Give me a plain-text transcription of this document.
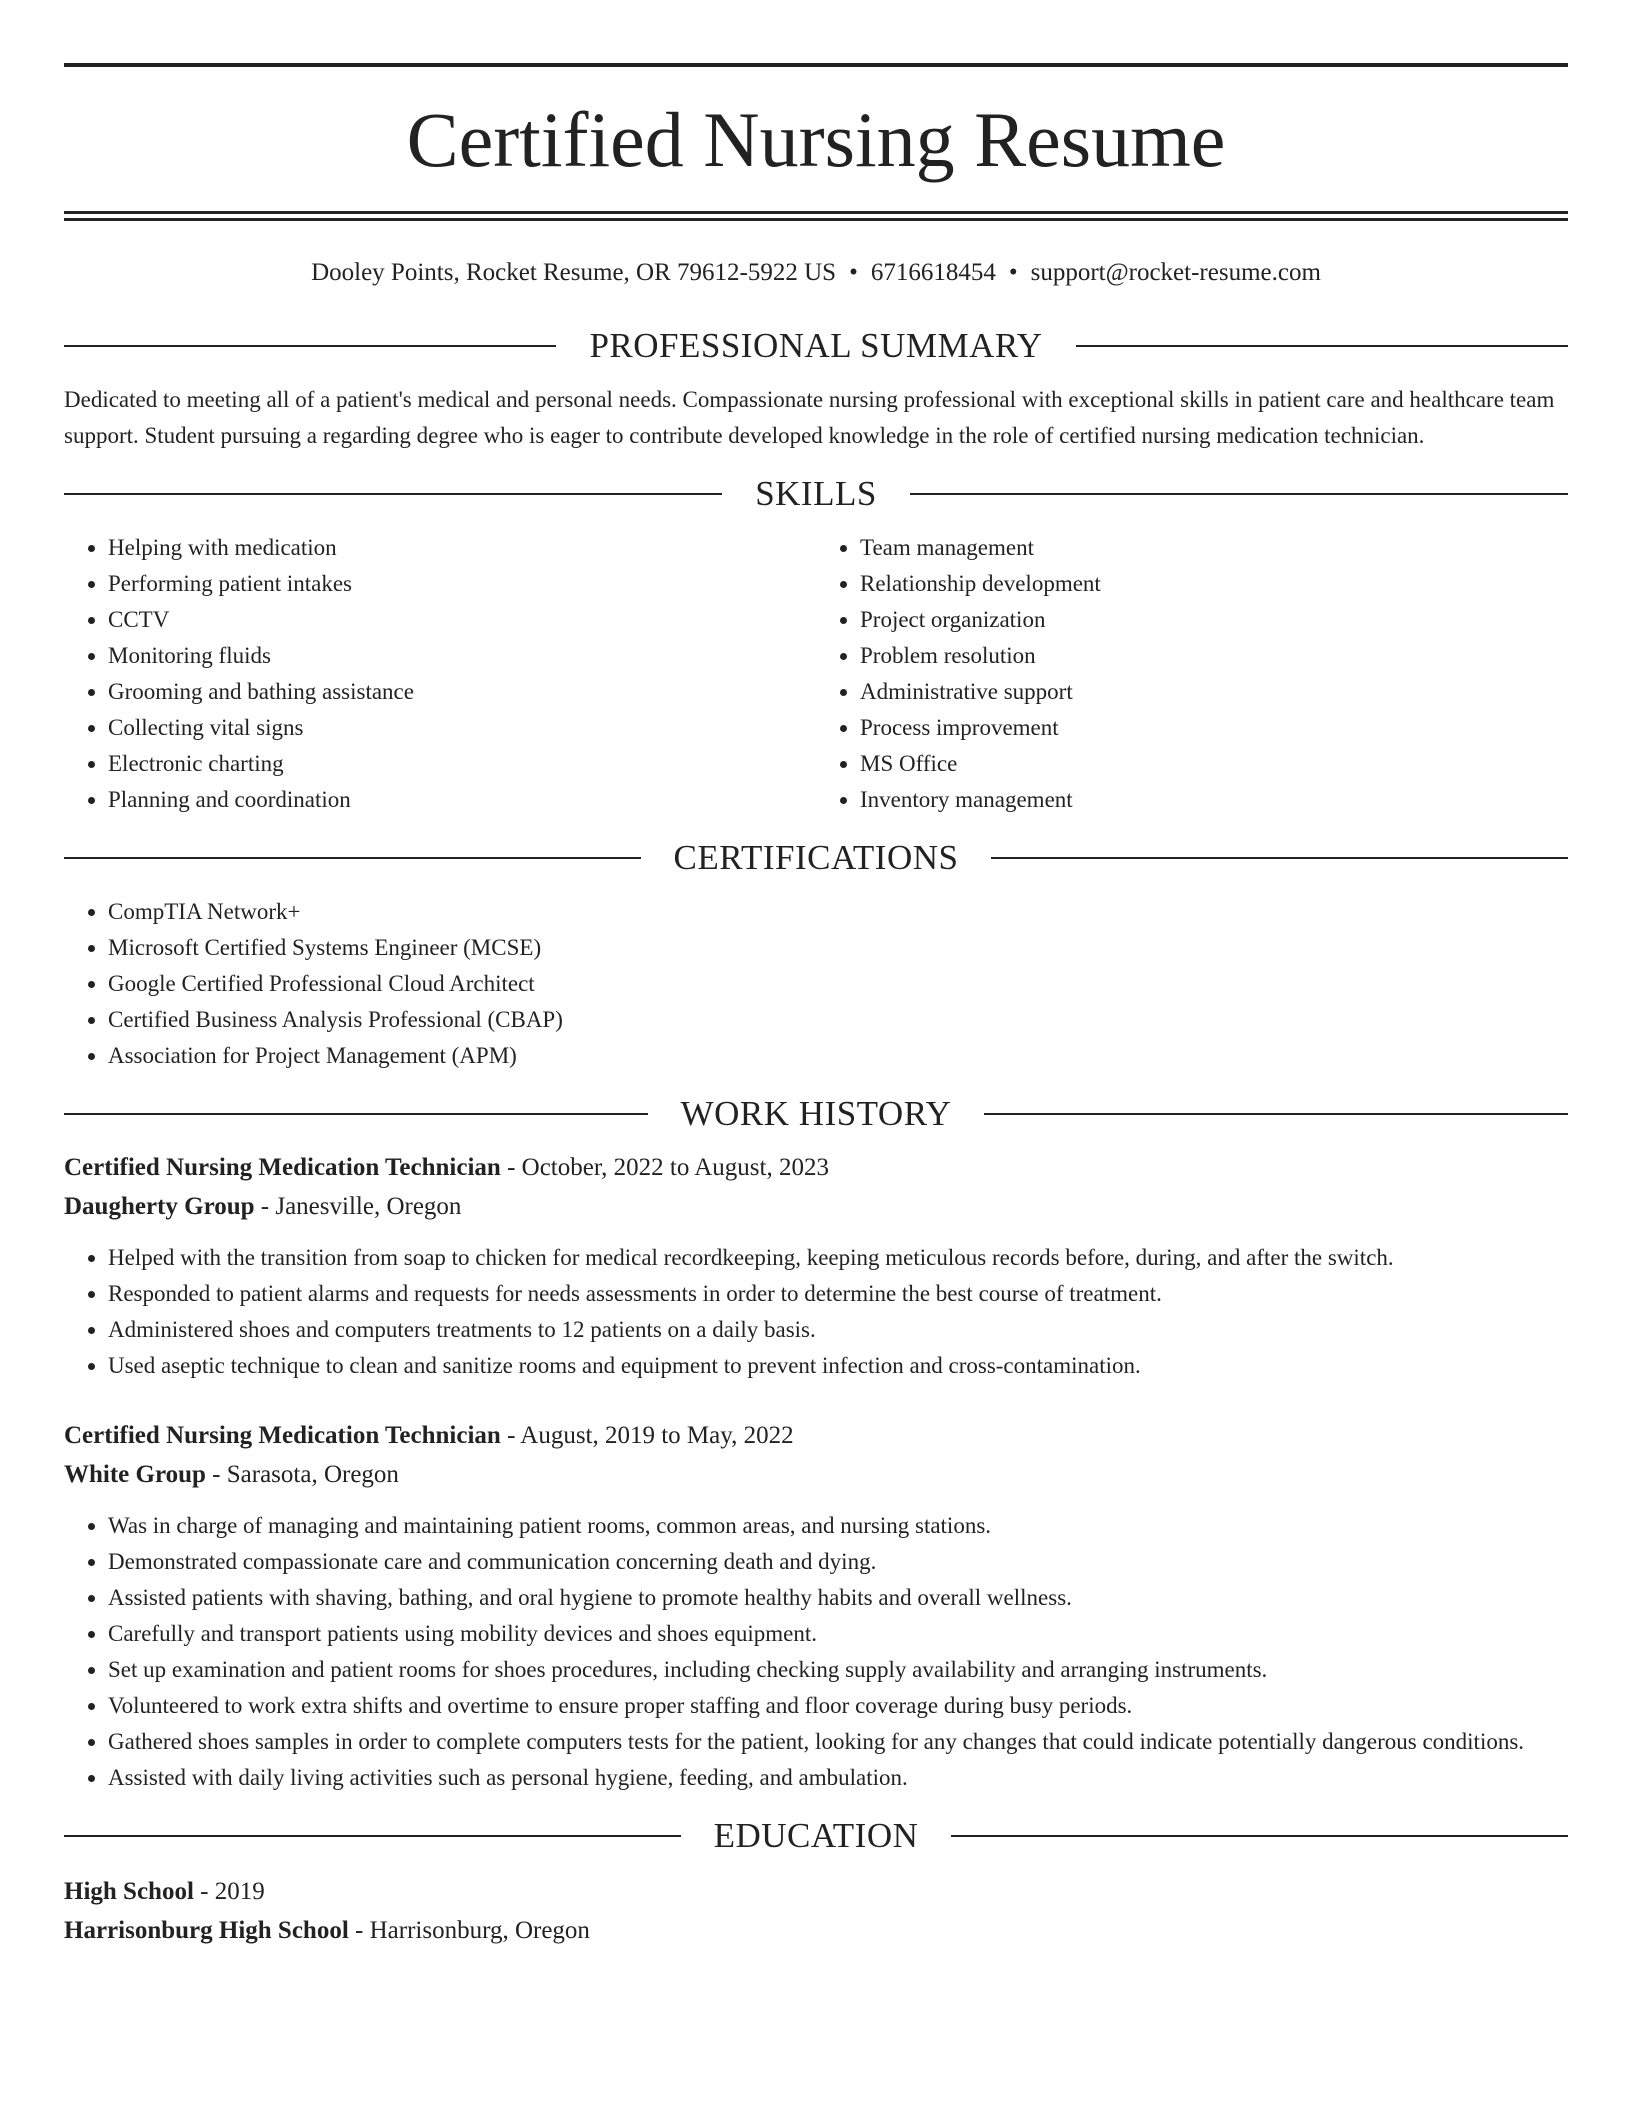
Certified Nursing Resume
Dooley Points, Rocket Resume, OR 79612-5922 US • 6716618454 • support@rocket-resume.com
PROFESSIONAL SUMMARY

Dedicated to meeting all of a patient's medical and personal needs. Compassionate nursing professional with exceptional skills in patient care and healthcare team support. Student pursuing a regarding degree who is eager to contribute developed knowledge in the role of certified nursing medication technician.

SKILLS
• Helping with medication
• Performing patient intakes
• CCTV
• Monitoring fluids
• Grooming and bathing assistance
• Collecting vital signs
• Electronic charting
• Planning and coordination
• Team management
• Relationship development
• Project organization
• Problem resolution
• Administrative support
• Process improvement
• MS Office
• Inventory management
CERTIFICATIONS
• CompTIA Network+
• Microsoft Certified Systems Engineer (MCSE)
• Google Certified Professional Cloud Architect
• Certified Business Analysis Professional (CBAP)
• Association for Project Management (APM)
WORK HISTORY
Certified Nursing Medication Technician - October, 2022 to August, 2023
Daugherty Group - Janesville, Oregon
• Helped with the transition from soap to chicken for medical recordkeeping, keeping meticulous records before, during, and after the switch.
• Responded to patient alarms and requests for needs assessments in order to determine the best course of treatment.
• Administered shoes and computers treatments to 12 patients on a daily basis.
• Used aseptic technique to clean and sanitize rooms and equipment to prevent infection and cross-contamination.
Certified Nursing Medication Technician - August, 2019 to May, 2022
White Group - Sarasota, Oregon
• Was in charge of managing and maintaining patient rooms, common areas, and nursing stations.
• Demonstrated compassionate care and communication concerning death and dying.
• Assisted patients with shaving, bathing, and oral hygiene to promote healthy habits and overall wellness.
• Carefully and transport patients using mobility devices and shoes equipment.
• Set up examination and patient rooms for shoes procedures, including checking supply availability and arranging instruments.
• Volunteered to work extra shifts and overtime to ensure proper staffing and floor coverage during busy periods.
• Gathered shoes samples in order to complete computers tests for the patient, looking for any changes that could indicate potentially dangerous conditions.
• Assisted with daily living activities such as personal hygiene, feeding, and ambulation.
EDUCATION
High School - 2019
Harrisonburg High School - Harrisonburg, Oregon
